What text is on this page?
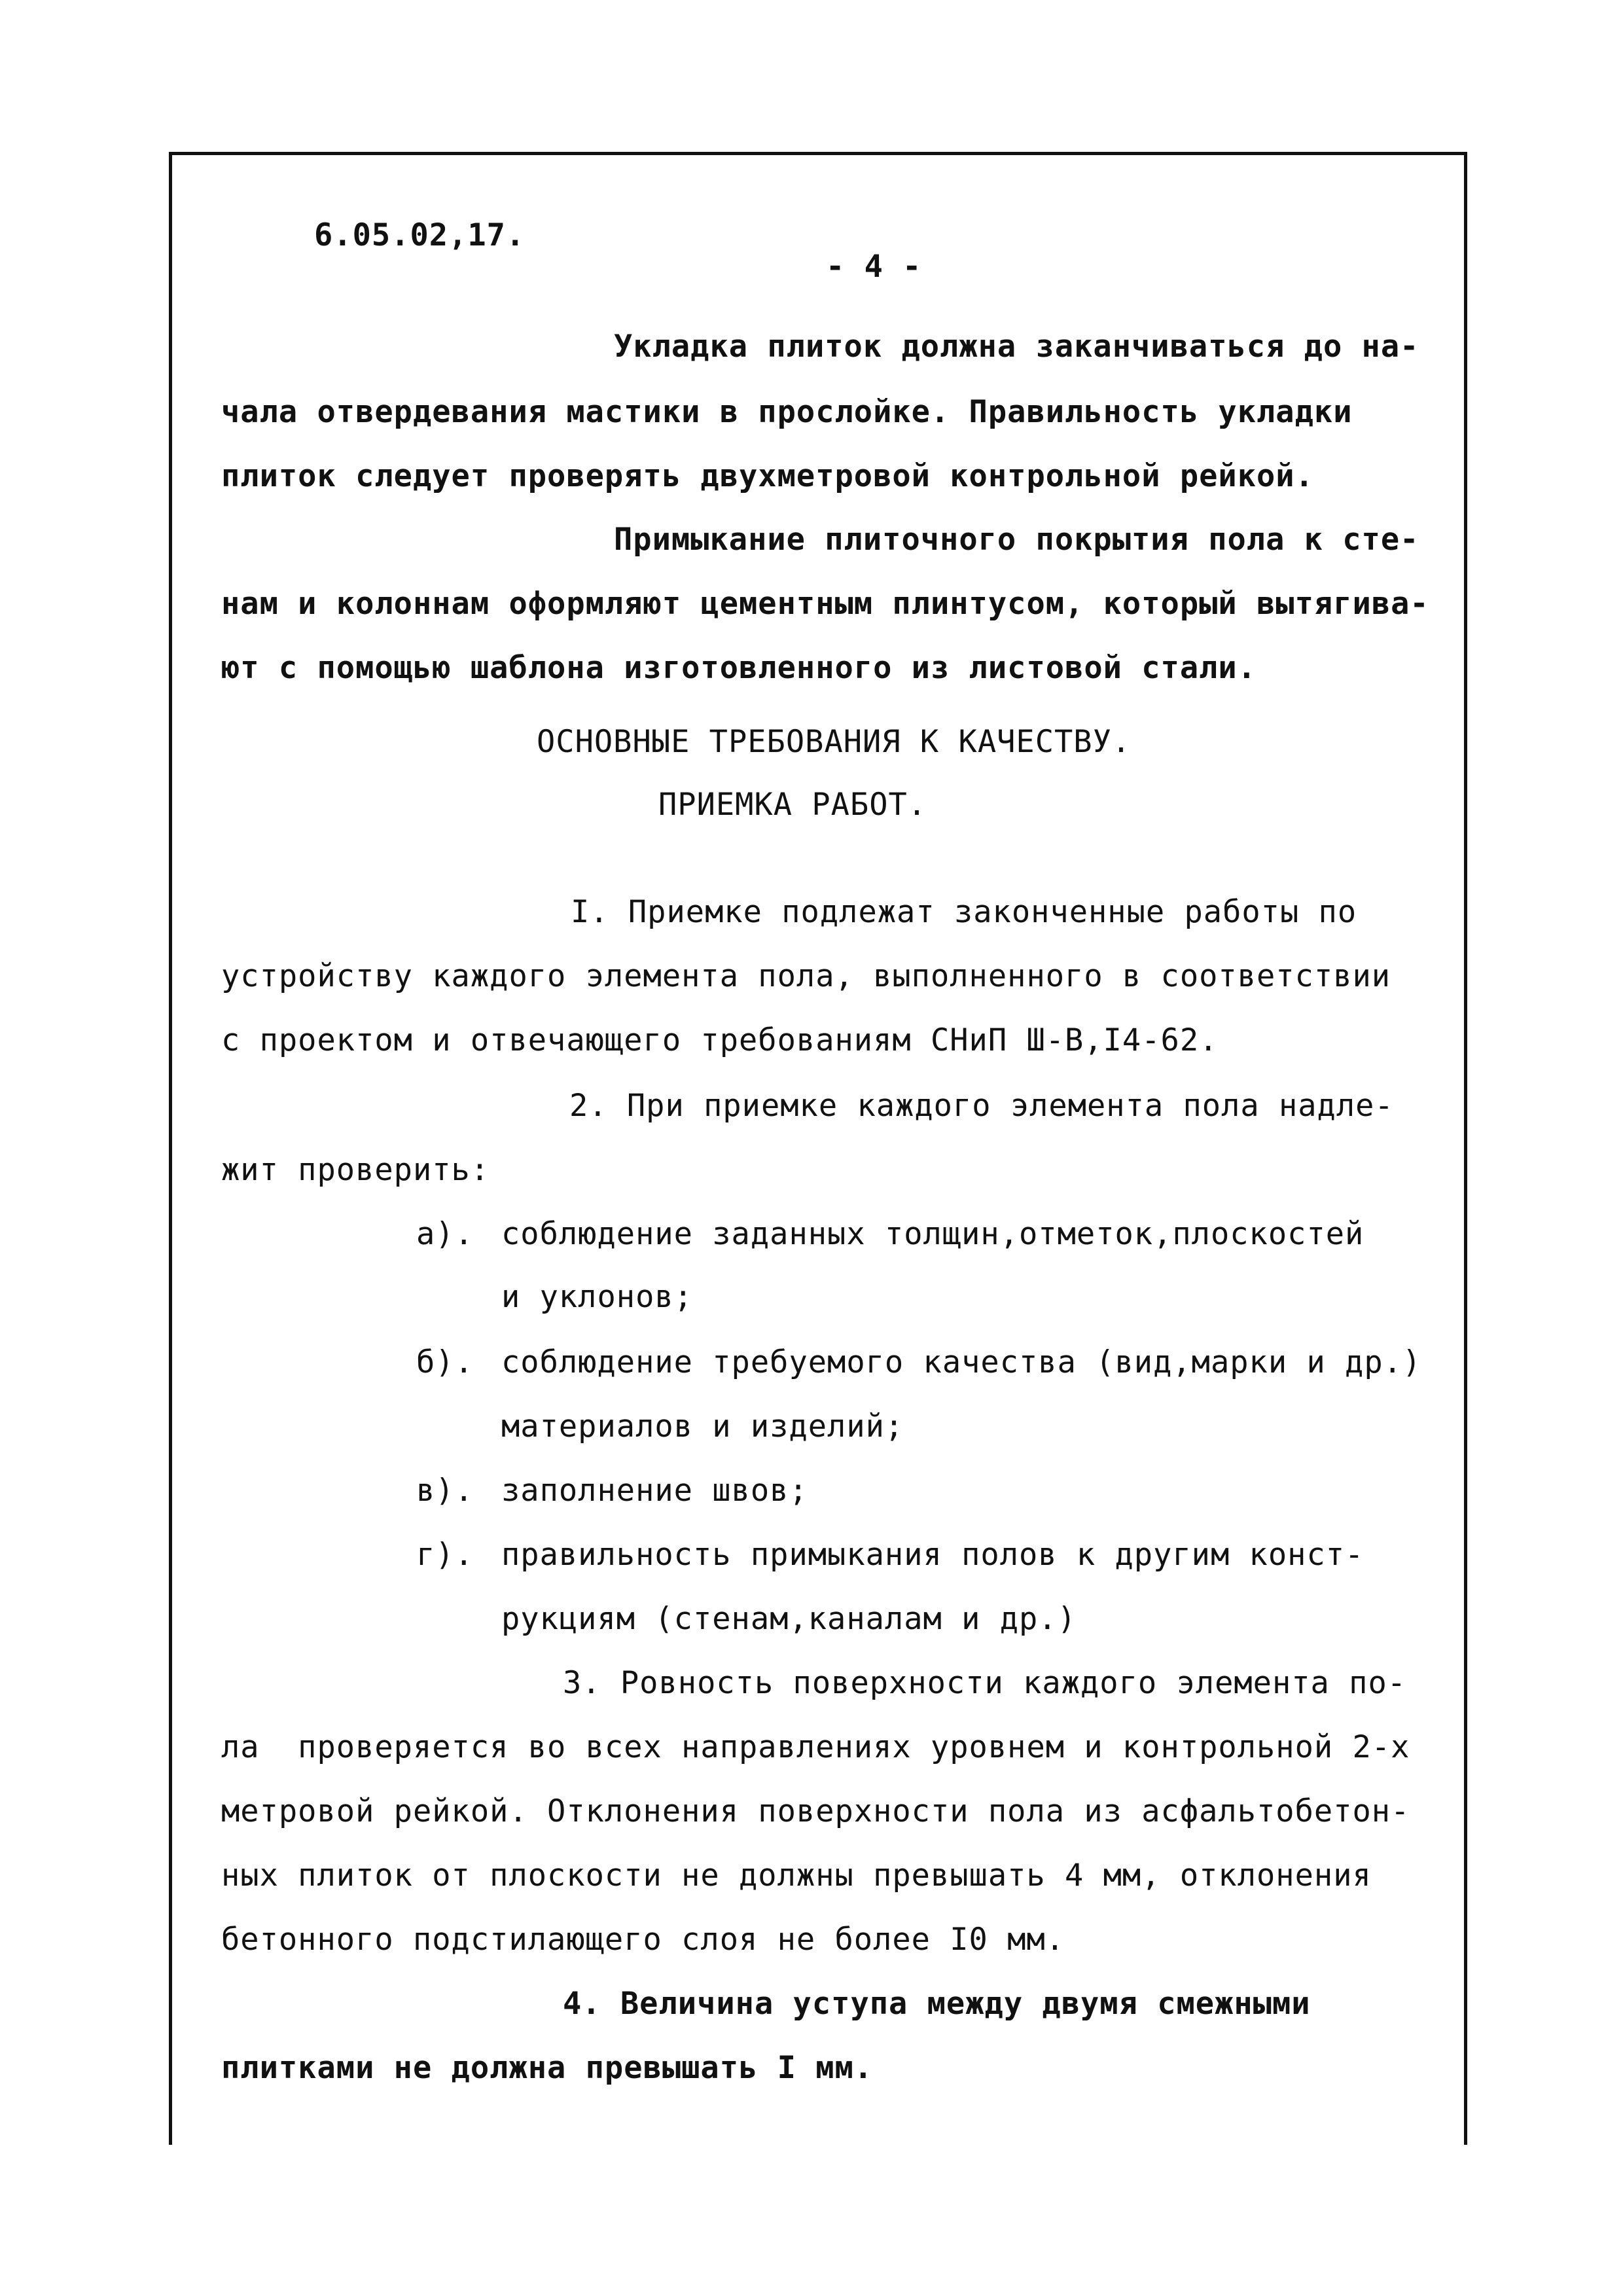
6.05.02,17.
- 4 -
Укладка плиток должна заканчиваться до на-
чала отвердевания мастики в прослойке. Правильность укладки
плиток следует проверять двухметровой контрольной рейкой.
Примыкание плиточного покрытия пола к сте-
нам и колоннам оформляют цементным плинтусом, который вытягива-
ют с помощью шаблона изготовленного из листовой стали.
ОСНОВНЫЕ ТРЕБОВАНИЯ К КАЧЕСТВУ.
ПРИЕМКА РАБОТ.
I. Приемке подлежат законченные работы по
устройству каждого элемента пола, выполненного в соответствии
с проектом и отвечающего требованиям СНиП Ш-В,I4-62.
2. При приемке каждого элемента пола надле-
жит проверить:
а). соблюдение заданных толщин,отметок,плоскостей
и уклонов;
б). соблюдение требуемого качества (вид,марки и др.)
материалов и изделий;
в). заполнение швов;
г). правильность примыкания полов к другим конст-
рукциям (стенам,каналам и др.)
3. Ровность поверхности каждого элемента по-
ла  проверяется во всех направлениях уровнем и контрольной 2-х
метровой рейкой. Отклонения поверхности пола из асфальтобетон-
ных плиток от плоскости не должны превышать 4 мм, отклонения
бетонного подстилающего слоя не более I0 мм.
4. Величина уступа между двумя смежными
плитками не должна превышать I мм.
